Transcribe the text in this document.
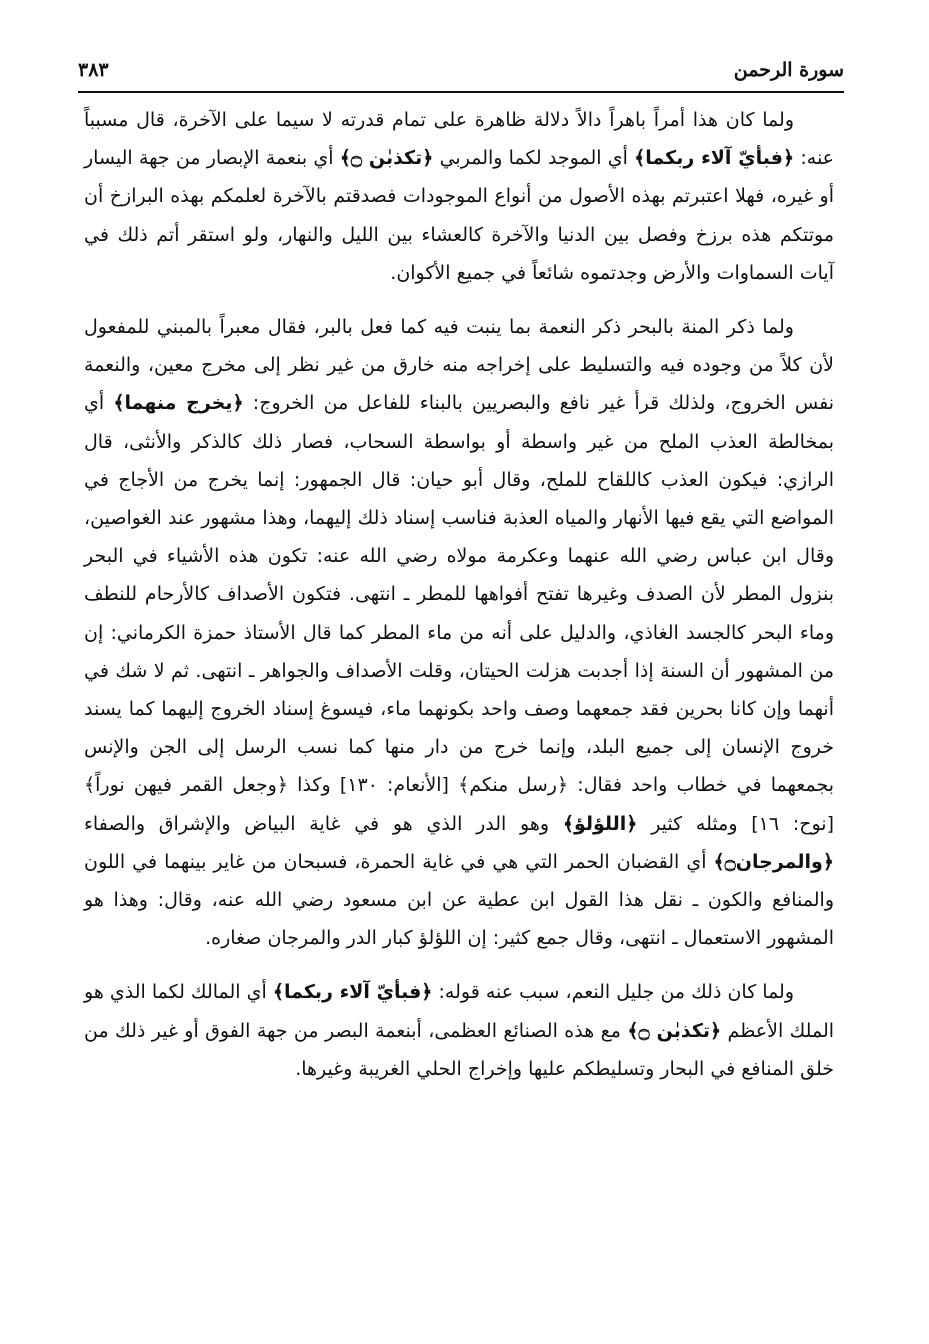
سورة الرحمن
٣٨٣

ولما كان هذا أمراً باهراً دالاً دلالة ظاهرة على تمام قدرته لا سيما على الآخرة، قال مسبباً عنه: ﴿فبأيّ آلاء ربكما﴾ أي الموجد لكما والمربي ﴿تكذبٰن ۝﴾ أي بنعمة الإبصار من جهة اليسار أو غيره، فهلا اعتبرتم بهذه الأصول من أنواع الموجودات فصدقتم بالآخرة لعلمكم بهذه البرازخ أن موتتكم هذه برزخ وفصل بين الدنيا والآخرة كالعشاء بين الليل والنهار، ولو استقر أتم ذلك في آيات السماوات والأرض وجدتموه شائعاً في جميع الأكوان.

ولما ذكر المنة بالبحر ذكر النعمة بما ينبت فيه كما فعل بالبر، فقال معبراً بالمبني للمفعول لأن كلاً من وجوده فيه والتسليط على إخراجه منه خارق من غير نظر إلى مخرج معين، والنعمة نفس الخروج، ولذلك قرأ غير نافع والبصريين بالبناء للفاعل من الخروج: ﴿يخرج منهما﴾ أي بمخالطة العذب الملح من غير واسطة أو بواسطة السحاب، فصار ذلك كالذكر والأنثى، قال الرازي: فيكون العذب كاللقاح للملح، وقال أبو حيان: قال الجمهور: إنما يخرج من الأجاج في المواضع التي يقع فيها الأنهار والمياه العذبة فناسب إسناد ذلك إليهما، وهذا مشهور عند الغواصين، وقال ابن عباس رضي الله عنهما وعكرمة مولاه رضي الله عنه: تكون هذه الأشياء في البحر بنزول المطر لأن الصدف وغيرها تفتح أفواهها للمطر ـ انتهى. فتكون الأصداف كالأرحام للنطف وماء البحر كالجسد الغاذي، والدليل على أنه من ماء المطر كما قال الأستاذ حمزة الكرماني: إن من المشهور أن السنة إذا أجدبت هزلت الحيتان، وقلت الأصداف والجواهر ـ انتهى. ثم لا شك في أنهما وإن كانا بحرين فقد جمعهما وصف واحد بكونهما ماء، فيسوغ إسناد الخروج إليهما كما يسند خروج الإنسان إلى جميع البلد، وإنما خرج من دار منها كما نسب الرسل إلى الجن والإنس بجمعهما في خطاب واحد فقال: ﴿رسل منكم﴾ [الأنعام: ١٣٠] وكذا ﴿وجعل القمر فيهن نوراً﴾ [نوح: ١٦] ومثله كثير ﴿اللؤلؤ﴾ وهو الدر الذي هو في غاية البياض والإشراق والصفاء ﴿والمرجان۝﴾ أي القضبان الحمر التي هي في غاية الحمرة، فسبحان من غاير بينهما في اللون والمنافع والكون ـ نقل هذا القول ابن عطية عن ابن مسعود رضي الله عنه، وقال: وهذا هو المشهور الاستعمال ـ انتهى، وقال جمع كثير: إن اللؤلؤ كبار الدر والمرجان صغاره.

ولما كان ذلك من جليل النعم، سبب عنه قوله: ﴿فبأيّ آلاء ربكما﴾ أي المالك لكما الذي هو الملك الأعظم ﴿تكذبٰن ۝﴾ مع هذه الصنائع العظمى، أبنعمة البصر من جهة الفوق أو غير ذلك من خلق المنافع في البحار وتسليطكم عليها وإخراج الحلي الغريبة وغيرها.
